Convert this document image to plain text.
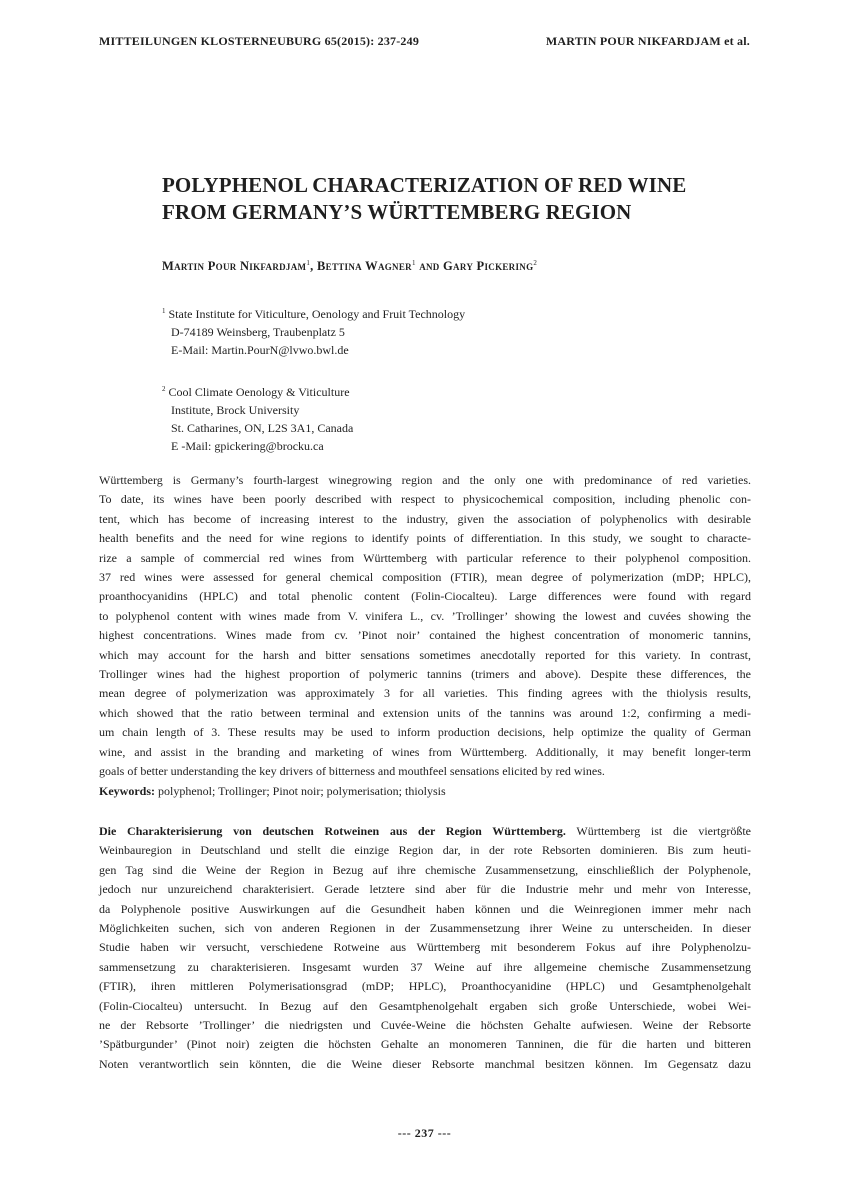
MITTEILUNGEN KLOSTERNEUBURG 65(2015): 237-249	MARTIN POUR NIKFARDJAM et al.
POLYPHENOL CHARACTERIZATION OF RED WINE
FROM GERMANY’S WÜRTTEMBERG REGION
Martin Pour Nikfardjam$^1$, Bettina Wagner$^1$ and Gary Pickering$^2$
$^1$ State Institute for Viticulture, Oenology and Fruit Technology
D-74189 Weinsberg, Traubenplatz 5
E-Mail: Martin.PourN@lvwo.bwl.de
$^2$ Cool Climate Oenology & Viticulture
Institute, Brock University
St. Catharines, ON, L2S 3A1, Canada
E -Mail: gpickering@brocku.ca
Württemberg is Germany’s fourth-largest winegrowing region and the only one with predominance of red varieties.
To date, its wines have been poorly described with respect to physicochemical composition, including phenolic con-
tent, which has become of increasing interest to the industry, given the association of polyphenolics with desirable
health benefits and the need for wine regions to identify points of differentiation. In this study, we sought to characte-
rize a sample of commercial red wines from Württemberg with particular reference to their polyphenol composition.
37 red wines were assessed for general chemical composition (FTIR), mean degree of polymerization (mDP; HPLC),
proanthocyanidins (HPLC) and total phenolic content (Folin-Ciocalteu). Large differences were found with regard
to polyphenol content with wines made from V. vinifera L., cv. ’Trollinger’ showing the lowest and cuvées showing the
highest concentrations. Wines made from cv. ’Pinot noir’ contained the highest concentration of monomeric tannins,
which may account for the harsh and bitter sensations sometimes anecdotally reported for this variety. In contrast,
Trollinger wines had the highest proportion of polymeric tannins (trimers and above). Despite these differences, the
mean degree of polymerization was approximately 3 for all varieties. This finding agrees with the thiolysis results,
which showed that the ratio between terminal and extension units of the tannins was around 1:2, confirming a medi-
um chain length of 3. These results may be used to inform production decisions, help optimize the quality of German
wine, and assist in the branding and marketing of wines from Württemberg. Additionally, it may benefit longer-term
goals of better understanding the key drivers of bitterness and mouthfeel sensations elicited by red wines.
Keywords: polyphenol; Trollinger; Pinot noir; polymerisation; thiolysis
Die Charakterisierung von deutschen Rotweinen aus der Region Württemberg. Württemberg ist die viertgrößte
Weinbauregion in Deutschland und stellt die einzige Region dar, in der rote Rebsorten dominieren. Bis zum heuti-
gen Tag sind die Weine der Region in Bezug auf ihre chemische Zusammensetzung, einschließlich der Polyphenole,
jedoch nur unzureichend charakterisiert. Gerade letztere sind aber für die Industrie mehr und mehr von Interesse,
da Polyphenole positive Auswirkungen auf die Gesundheit haben können und die Weinregionen immer mehr nach
Möglichkeiten suchen, sich von anderen Regionen in der Zusammensetzung ihrer Weine zu unterscheiden. In dieser
Studie haben wir versucht, verschiedene Rotweine aus Württemberg mit besonderem Fokus auf ihre Polyphenolzu-
sammensetzung zu charakterisieren. Insgesamt wurden 37 Weine auf ihre allgemeine chemische Zusammensetzung
(FTIR), ihren mittleren Polymerisationsgrad (mDP; HPLC), Proanthocyanidine (HPLC) und Gesamtphenolgehalt
(Folin-Ciocalteu) untersucht. In Bezug auf den Gesamtphenolgehalt ergaben sich große Unterschiede, wobei Wei-
ne der Rebsorte ’Trollinger’ die niedrigsten und Cuvée-Weine die höchsten Gehalte aufwiesen. Weine der Rebsorte
’Spätburgunder’ (Pinot noir) zeigten die höchsten Gehalte an monomeren Tanninen, die für die harten und bitteren
Noten verantwortlich sein könnten, die die Weine dieser Rebsorte manchmal besitzen können. Im Gegensatz dazu
--- 237 ---
